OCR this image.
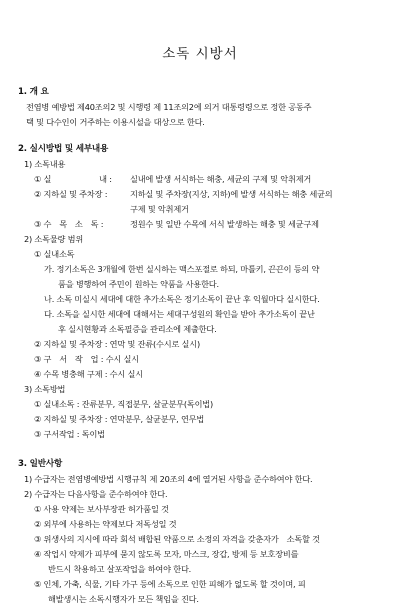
소독 시방서
1. 개 요
전염병 예방법 제40조의2 및 시행령 제 11조의2에 의거 대통령령으로 정한 공동주
택 및 다수인이 거주하는 이용시설을 대상으로 한다.
2. 실시방법 및 세부내용
1) 소독내용
① 실　　　　　　내 : 실내에 발생 서식하는 해충, 세균의 구제 및 악취제거
② 지하실 및 주차장 :	지하실 및 주차장(지상, 지하)에 발생 서식하는 해충 세균의
구제 및 악취제거
③ 수　목　소　독 :	정원수 및 일반 수목에 서식 발생하는 해충 및 세균구제
2) 소독물량 범위
① 실내소독
가. 정기소독은 3개월에 한번 실시하는 맥스포절로 하되, 마틀키, 끈끈이 등의 약
품을 병행하여 주민이 원하는 약품을 사용한다.
나. 소독 미실시 세대에 대한 추가소독은 정기소독이 끝난 후 익월마다 실시한다.
다. 소독을 실시한 세대에 대해서는 세대구성원의 확인을 받아 추가소독이 끝난
후 실시현황과 소독필증을 관리소에 제출한다.
② 지하실 및 주차장 : 연막 및 잔류(수시로 실시)
③ 구　서　작　업 : 수시 실시
④ 수목 병충해 구제 : 수시 실시
3) 소독방법
① 실내소독 : 잔류분무, 직접분무, 살균분무(독이법)
② 지하실 및 주차장 : 연막분무, 살균분무, 연무법
③ 구서작업 : 독이법
3. 일반사항
1) 수급자는 전염병예방법 시행규칙 제 20조의 4에 열거된 사항을 준수하여야 한다.
2) 수급자는 다음사항을 준수하여야 한다.
① 사용 약제는 보사부장관 허가품일 것
② 외부에 사용하는 약제보다 저독성일 것
③ 위생사의 지시에 따라 회석 배합된 약품으로 소정의 자격을 갖춘자가　소독할 것
④ 작업시 약제가 피부에 묻지 않도록 모자, 마스크, 장갑, 방제 등 보호장비를
반드시 착용하고 살포작업을 하여야 한다.
⑤ 인체, 가축, 식물, 기타 가구 등에 소독으로 인한 피해가 없도록 할 것이며, 피
해발생시는 소독시행자가 모든 책임을 진다.
